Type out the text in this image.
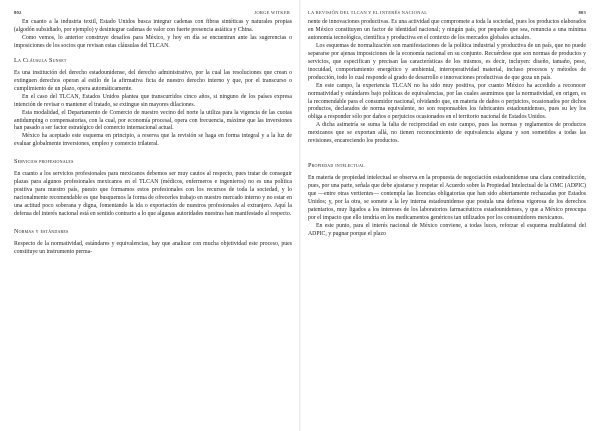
802	JORGE WITKER

En cuanto a la industria textil, Estado Unidos busca integrar cadenas con fibras sintéticas y naturales propias (algodón subsidiado, por ejemplo) y desintegrar cadenas de valor con fuerte presencia asiática y China.

Como vemos, lo anterior construye desafíos para México, y hoy en día se encuentran ante las sugerencias o imposiciones de los socios que revisan estas cláusulas del TLCAN.

La Cláusula Sunset

Es una institución del derecho estadounidense, del derecho administrativo, por la cual las resoluciones que crean o extinguen derechos operan al estilo de la afirmativa ficta de nuestro derecho interno y que, por el transcurso o cumplimiento de un plazo, opera automáticamente.

En el caso del TLCAN, Estados Unidos plantea que transcurridos cinco años, si ninguno de los países expresa intención de revisar o mantener el tratado, se extingue sin mayores dilaciones.

Esta modalidad, el Departamento de Comercio de nuestro vecino del norte la utiliza para la vigencia de las cuotas antidumping o compensatorias, con la cual, por economía procesal, opera con frecuencia, máxime que las inversiones han pasado a ser factor estratégico del comercio internacional actual.

México ha aceptado este esquema en principio, a reserva que la revisión se haga en forma integral y a la luz de evaluar globalmente inversiones, empleo y comercio trilateral.

Servicios profesionales

En cuanto a los servicios profesionales para mexicanos debemos ser muy cautos al respecto, pues tratar de conseguir plazas para algunos profesionales mexicanos en el TLCAN (médicos, enfermeros e ingenieros) no es una política positiva para nuestro país, puesto que formamos estos profesionales con los recursos de toda la sociedad, y lo nacionalmente recomendable es que busquemos la forma de ofrecerles trabajo en nuestro mercado interno y no estar en una actitud poco soberana y digna, fomentando la ida o exportación de nuestros profesionales al extranjero. Aquí la defensa del interés nacional está en sentido contrario a lo que algunas autoridades nuestras han manifestado al respecto.

Normas y estándares

Respecto de la normatividad, estándares y equivalencias, hay que analizar con mucha objetividad este proceso, pues constituye un instrumento perma-

LA REVISIÓN DEL TLCAN Y EL INTERÉS NACIONAL	803

nente de innovaciones productivas. Es una actividad que compromete a toda la sociedad, pues los productos elaborados en México constituyen un factor de identidad nacional; y ningún país, por pequeño que sea, renuncia a una mínima autonomía tecnológica, científica y productiva en el contexto de los mercados globales actuales.

Los esquemas de normalización son manifestaciones de la política industrial y productiva de un país, que no puede separarse por ajenas imposiciones de la economía nacional en su conjunto. Recuérdese que son normas de productos y servicios, que especifican y precisan las características de los mismos, es decir, incluyen: diseño, tamaño, peso, inocuidad, comportamiento energético y ambiental, interoperatividad material, incluso procesos y métodos de producción, todo lo cual responde al grado de desarrollo e innovaciones productivas de que goza un país.

En este campo, la experiencia TLCAN no ha sido muy positiva, por cuanto México ha accedido a reconocer normatividad y estándares bajo políticas de equivalencias, por las cuales asumimos que la normatividad, en origen, es la recomendable para el consumidor nacional, olvidando que, en materia de daños o perjuicios, ocasionados por dichos productos, declarados de norma equivalente, no son responsables los fabricantes estadounidenses, pues su ley los obliga a responder sólo por daños o perjuicios ocasionados en el territorio nacional de Estados Unidos.

A dicha asimetría se suma la falta de reciprocidad en este campo, pues las normas y reglamentos de productos mexicanos que se exportan allá, no tienen reconocimiento de equivalencia alguna y son sometidos a todas las revisiones, encareciendo los productos.

Propiedad intelectual

En materia de propiedad intelectual se observa en la propuesta de negociación estadounidense una clara contradicción, pues, por una parte, señala que debe ajustarse y respetar el Acuerdo sobre la Propiedad Intelectual de la OMC (ADPIC) que —entre otras vertientes— contempla las licencias obligatorias que han sido abiertamente rechazadas por Estados Unidos; y, por la otra, se somete a la ley interna estadounidense que postula una defensa vigorosa de los derechos patentarios, muy ligados a los intereses de los laboratorios farmacéuticos estadounidenses, y que a México preocupa por el impacto que ello tendría en los medicamentos genéricos tan utilizados por los consumidores mexicanos.

En este punto, para el interés nacional de México conviene, a todas luces, reforzar el esquema multilateral del ADPIC, y pugnar porque el plazo
